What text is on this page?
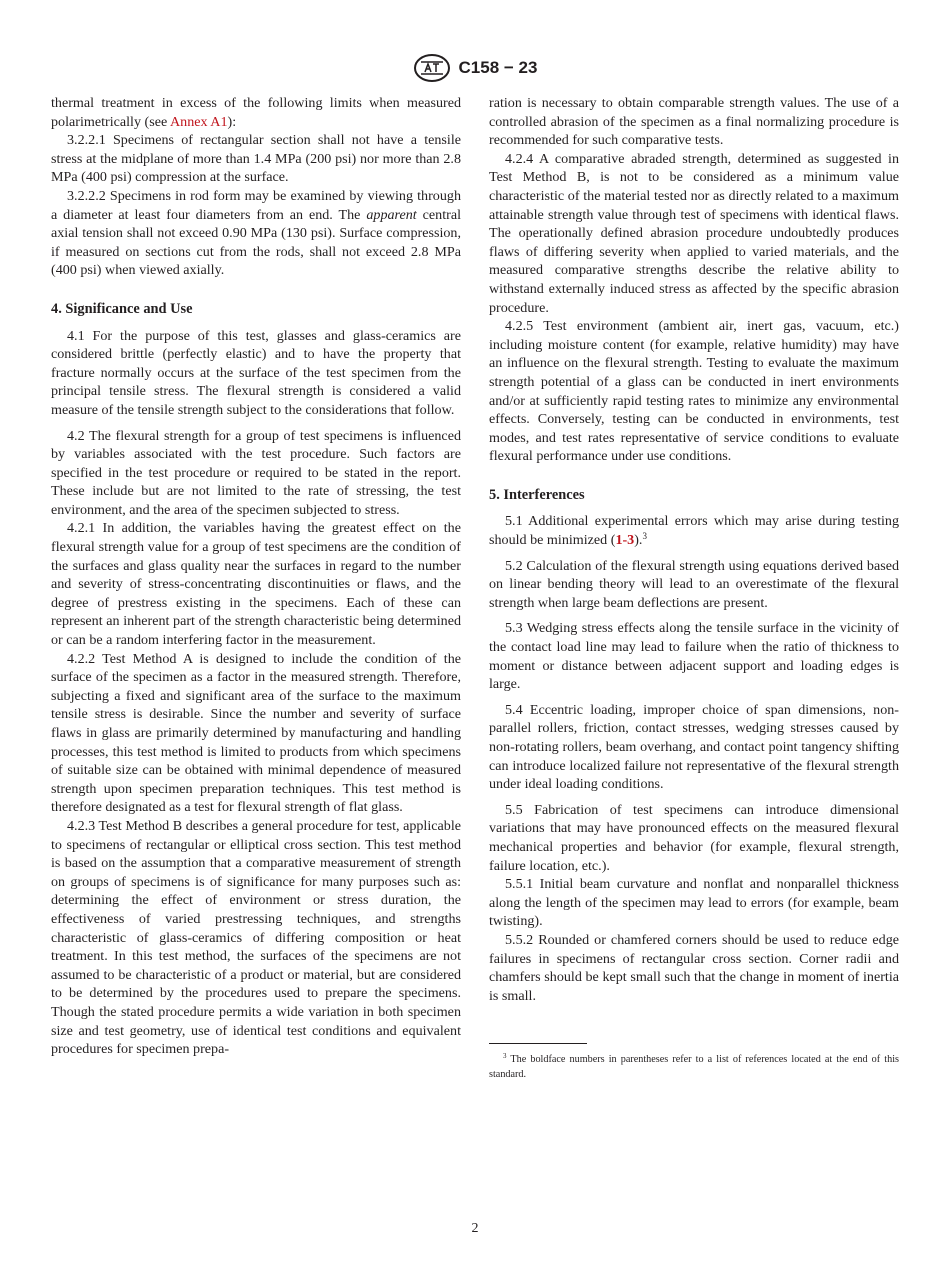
C158 − 23

thermal treatment in excess of the following limits when measured polarimetrically (see Annex A1):

3.2.2.1 Specimens of rectangular section shall not have a tensile stress at the midplane of more than 1.4 MPa (200 psi) nor more than 2.8 MPa (400 psi) compression at the surface.

3.2.2.2 Specimens in rod form may be examined by viewing through a diameter at least four diameters from an end. The apparent central axial tension shall not exceed 0.90 MPa (130 psi). Surface compression, if measured on sections cut from the rods, shall not exceed 2.8 MPa (400 psi) when viewed axially.

4. Significance and Use

4.1 For the purpose of this test, glasses and glass-ceramics are considered brittle (perfectly elastic) and to have the property that fracture normally occurs at the surface of the test specimen from the principal tensile stress. The flexural strength is considered a valid measure of the tensile strength subject to the considerations that follow.

4.2 The flexural strength for a group of test specimens is influenced by variables associated with the test procedure. Such factors are specified in the test procedure or required to be stated in the report. These include but are not limited to the rate of stressing, the test environment, and the area of the specimen subjected to stress.

4.2.1 In addition, the variables having the greatest effect on the flexural strength value for a group of test specimens are the condition of the surfaces and glass quality near the surfaces in regard to the number and severity of stress-concentrating discontinuities or flaws, and the degree of prestress existing in the specimens. Each of these can represent an inherent part of the strength characteristic being determined or can be a random interfering factor in the measurement.

4.2.2 Test Method A is designed to include the condition of the surface of the specimen as a factor in the measured strength. Therefore, subjecting a fixed and significant area of the surface to the maximum tensile stress is desirable. Since the number and severity of surface flaws in glass are primarily determined by manufacturing and handling processes, this test method is limited to products from which specimens of suitable size can be obtained with minimal dependence of measured strength upon specimen preparation techniques. This test method is therefore designated as a test for flexural strength of flat glass.

4.2.3 Test Method B describes a general procedure for test, applicable to specimens of rectangular or elliptical cross section. This test method is based on the assumption that a comparative measurement of strength on groups of specimens is of significance for many purposes such as: determining the effect of environment or stress duration, the effectiveness of varied prestressing techniques, and strengths characteristic of glass-ceramics of differing composition or heat treatment. In this test method, the surfaces of the specimens are not assumed to be characteristic of a product or material, but are considered to be determined by the procedures used to prepare the specimens. Though the stated procedure permits a wide variation in both specimen size and test geometry, use of identical test conditions and equivalent procedures for specimen prepa-

ration is necessary to obtain comparable strength values. The use of a controlled abrasion of the specimen as a final normalizing procedure is recommended for such comparative tests.

4.2.4 A comparative abraded strength, determined as suggested in Test Method B, is not to be considered as a minimum value characteristic of the material tested nor as directly related to a maximum attainable strength value through test of specimens with identical flaws. The operationally defined abrasion procedure undoubtedly produces flaws of differing severity when applied to varied materials, and the measured comparative strengths describe the relative ability to withstand externally induced stress as affected by the specific abrasion procedure.

4.2.5 Test environment (ambient air, inert gas, vacuum, etc.) including moisture content (for example, relative humidity) may have an influence on the flexural strength. Testing to evaluate the maximum strength potential of a glass can be conducted in inert environments and/or at sufficiently rapid testing rates to minimize any environmental effects. Conversely, testing can be conducted in environments, test modes, and test rates representative of service conditions to evaluate flexural performance under use conditions.

5. Interferences

5.1 Additional experimental errors which may arise during testing should be minimized (1-3).$^3$

5.2 Calculation of the flexural strength using equations derived based on linear bending theory will lead to an overestimate of the flexural strength when large beam deflections are present.

5.3 Wedging stress effects along the tensile surface in the vicinity of the contact load line may lead to failure when the ratio of thickness to moment or distance between adjacent support and loading edges is large.

5.4 Eccentric loading, improper choice of span dimensions, non-parallel rollers, friction, contact stresses, wedging stresses caused by non-rotating rollers, beam overhang, and contact point tangency shifting can introduce localized failure not representative of the flexural strength under ideal loading conditions.

5.5 Fabrication of test specimens can introduce dimensional variations that may have pronounced effects on the measured flexural mechanical properties and behavior (for example, flexural strength, failure location, etc.).

5.5.1 Initial beam curvature and nonflat and nonparallel thickness along the length of the specimen may lead to errors (for example, beam twisting).

5.5.2 Rounded or chamfered corners should be used to reduce edge failures in specimens of rectangular cross section. Corner radii and chamfers should be kept small such that the change in moment of inertia is small.

$^3$ The boldface numbers in parentheses refer to a list of references located at the end of this standard.

2
